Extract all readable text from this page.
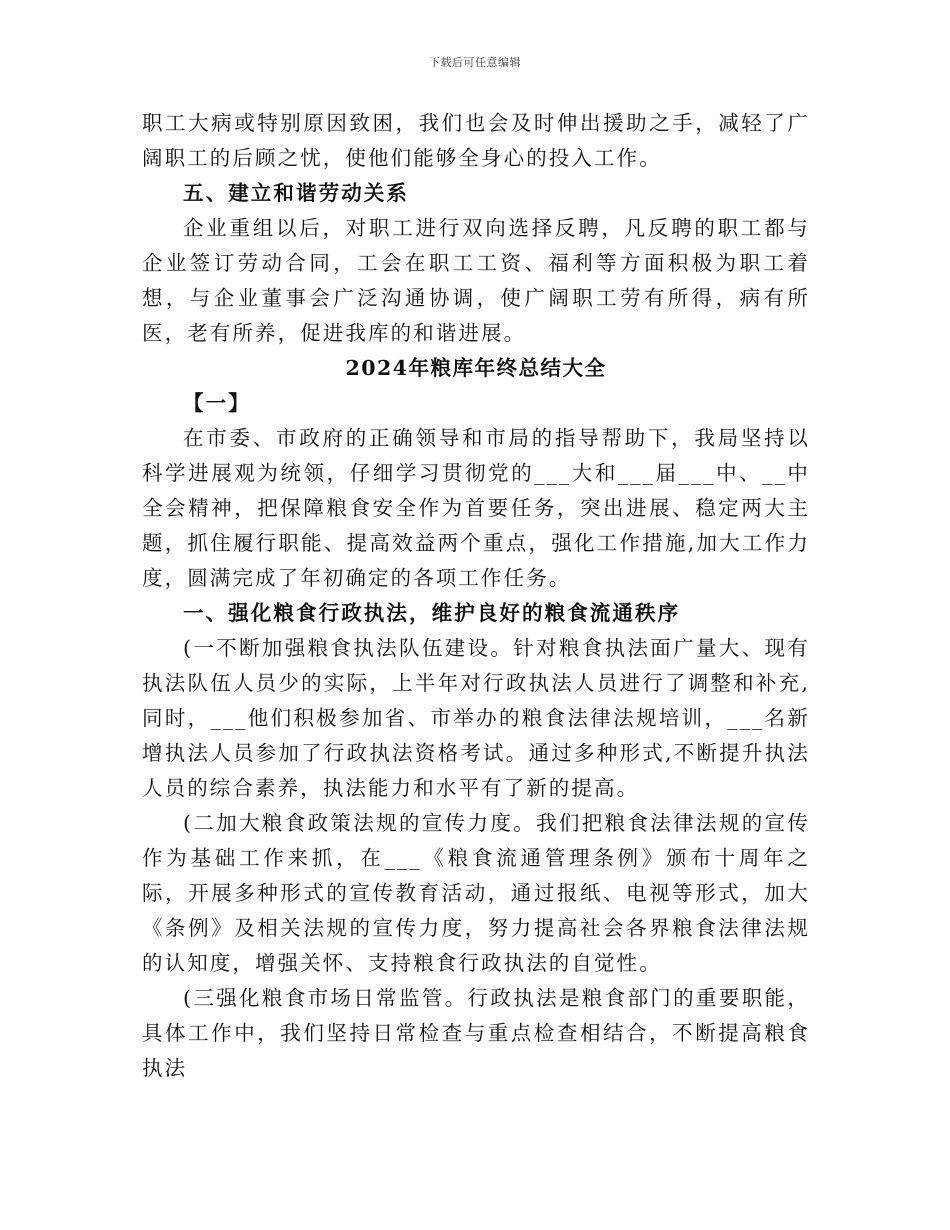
下载后可任意编辑

职工大病或特别原因致困，我们也会及时伸出援助之手，减轻了广阔职工的后顾之忧，使他们能够全身心的投入工作。

五、建立和谐劳动关系

企业重组以后，对职工进行双向选择反聘，凡反聘的职工都与企业签订劳动合同，工会在职工工资、福利等方面积极为职工着想，与企业董事会广泛沟通协调，使广阔职工劳有所得，病有所医，老有所养，促进我库的和谐进展。

2024年粮库年终总结大全

【一】

在市委、市政府的正确领导和市局的指导帮助下，我局坚持以科学进展观为统领，仔细学习贯彻党的___大和___届___中、__中全会精神，把保障粮食安全作为首要任务，突出进展、稳定两大主题，抓住履行职能、提高效益两个重点，强化工作措施,加大工作力度，圆满完成了年初确定的各项工作任务。

一、强化粮食行政执法，维护良好的粮食流通秩序

(一不断加强粮食执法队伍建设。针对粮食执法面广量大、现有执法队伍人员少的实际，上半年对行政执法人员进行了调整和补充,同时，___他们积极参加省、市举办的粮食法律法规培训，___名新增执法人员参加了行政执法资格考试。通过多种形式,不断提升执法人员的综合素养，执法能力和水平有了新的提高。

(二加大粮食政策法规的宣传力度。我们把粮食法律法规的宣传作为基础工作来抓，在___《粮食流通管理条例》颁布十周年之际，开展多种形式的宣传教育活动，通过报纸、电视等形式，加大《条例》及相关法规的宣传力度，努力提高社会各界粮食法律法规的认知度，增强关怀、支持粮食行政执法的自觉性。

(三强化粮食市场日常监管。行政执法是粮食部门的重要职能，具体工作中，我们坚持日常检查与重点检查相结合，不断提高粮食执法
